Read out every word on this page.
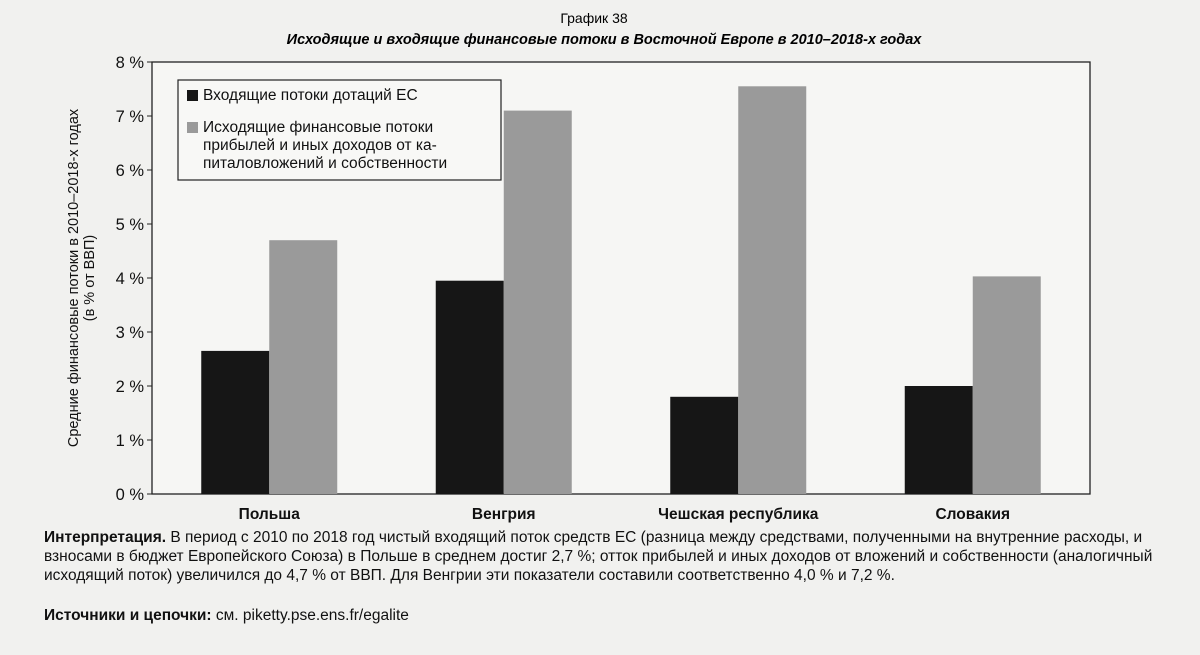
График 38
Исходящие и входящие финансовые потоки в Восточной Европе в 2010–2018-х годах
0 %
1 %
2 %
3 %
4 %
5 %
6 %
7 %
8 %
Средние финансовые потоки в 2010–2018-х годах(в % от ВВП)
Польша	Венгрия	Чешская республика	Словакия
Входящие потоки дотаций ЕС
Исходящие финансовые потоки
прибылей и иных доходов от ка-
питаловложений и собственности
Интерпретация. В период с 2010 по 2018 год чистый входящий поток средств ЕС (разница между средствами, полученными на внутренние расходы, и взносами в бюджет Европейского Союза) в Польше в среднем достиг 2,7 %; отток прибылей и иных доходов от вложений и собственности (аналогичный исходящий поток) увеличился до 4,7 % от ВВП. Для Венгрии эти показатели составили соответственно 4,0 % и 7,2 %.
Источники и цепочки: см. piketty.pse.ens.fr/egalite
